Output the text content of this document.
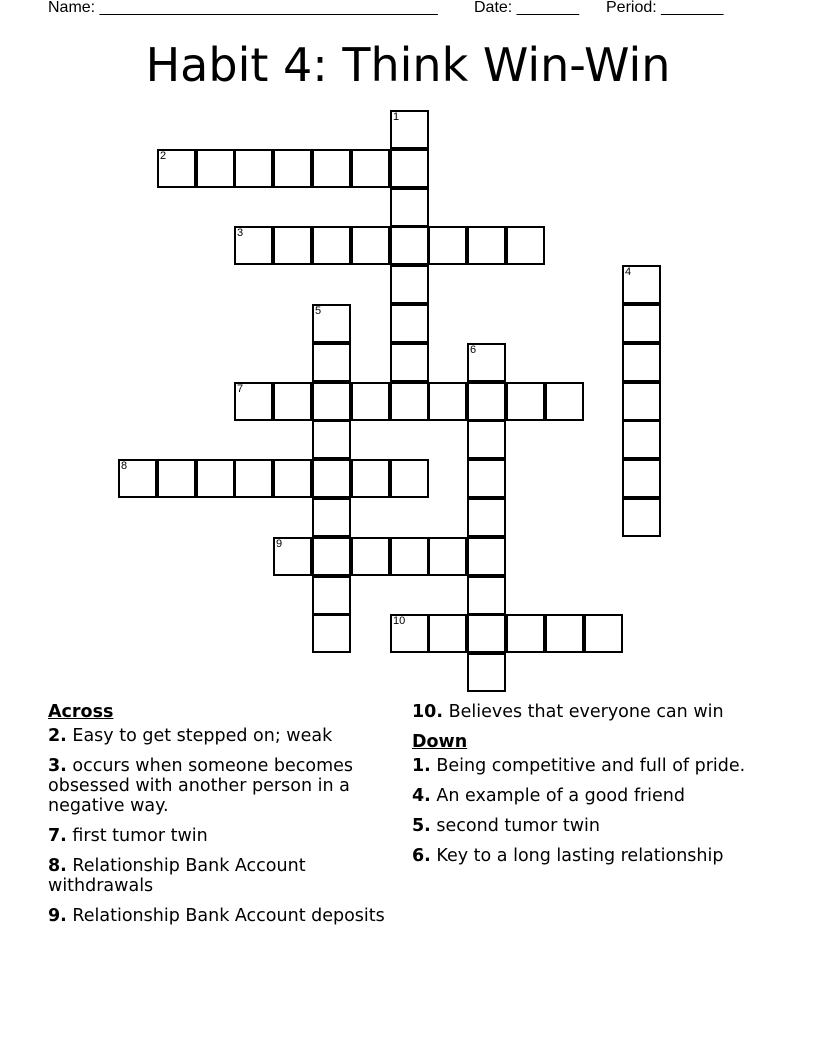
Name: ______________________________________ Date: _______ Period: _______
Habit 4: Think Win-Win
1
2
3
4
5
6
7
8
9
10
Across
2. Easy to get stepped on; weak
3. occurs when someone becomes obsessed with another person in a negative way.
7. first tumor twin
8. Relationship Bank Account withdrawals
9. Relationship Bank Account deposits
10. Believes that everyone can win
Down
1. Being competitive and full of pride.
4. An example of a good friend
5. second tumor twin
6. Key to a long lasting relationship
